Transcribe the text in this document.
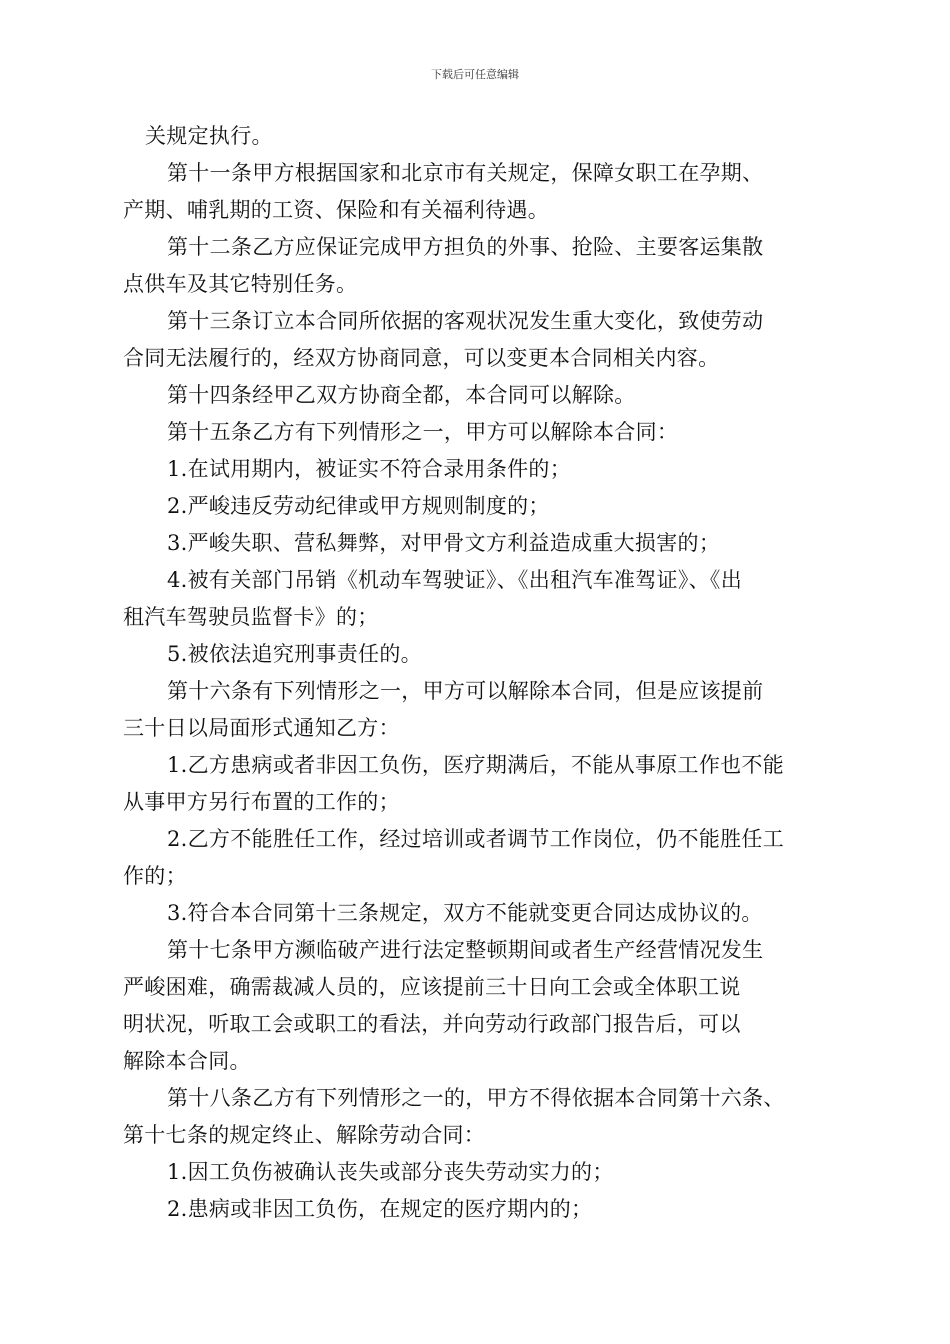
下载后可任意编辑

关规定执行。

第十一条甲方根据国家和北京市有关规定，保障女职工在孕期、
产期、哺乳期的工资、保险和有关福利待遇。

第十二条乙方应保证完成甲方担负的外事、抢险、主要客运集散
点供车及其它特别任务。

第十三条订立本合同所依据的客观状况发生重大变化，致使劳动
合同无法履行的，经双方协商同意，可以变更本合同相关内容。

第十四条经甲乙双方协商全都，本合同可以解除。

第十五条乙方有下列情形之一，甲方可以解除本合同：

1.在试用期内，被证实不符合录用条件的；

2.严峻违反劳动纪律或甲方规则制度的；

3.严峻失职、营私舞弊，对甲骨文方利益造成重大损害的；

4.被有关部门吊销《机动车驾驶证》、《出租汽车准驾证》、《出
租汽车驾驶员监督卡》的；

5.被依法追究刑事责任的。

第十六条有下列情形之一，甲方可以解除本合同，但是应该提前
三十日以局面形式通知乙方：

1.乙方患病或者非因工负伤，医疗期满后，不能从事原工作也不能
从事甲方另行布置的工作的；

2.乙方不能胜任工作，经过培训或者调节工作岗位，仍不能胜任工
作的；

3.符合本合同第十三条规定，双方不能就变更合同达成协议的。

第十七条甲方濒临破产进行法定整顿期间或者生产经营情况发生
严峻困难，确需裁减人员的，应该提前三十日向工会或全体职工说
明状况，听取工会或职工的看法，并向劳动行政部门报告后，可以
解除本合同。

第十八条乙方有下列情形之一的，甲方不得依据本合同第十六条、
第十七条的规定终止、解除劳动合同：

1.因工负伤被确认丧失或部分丧失劳动实力的；

2.患病或非因工负伤，在规定的医疗期内的；
